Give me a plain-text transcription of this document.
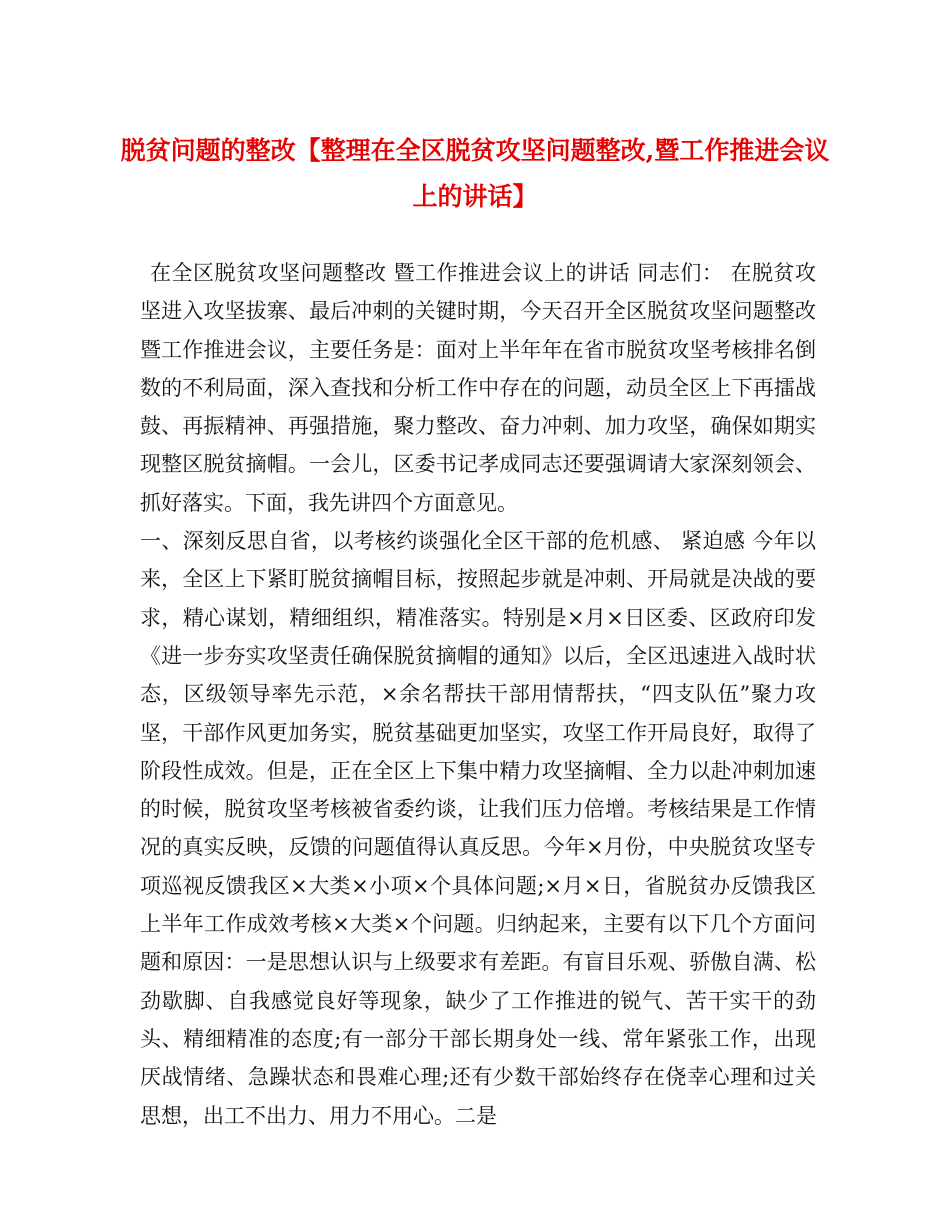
脱贫问题的整改【整理在全区脱贫攻坚问题整改,暨工作推进会议上的讲话】

在全区脱贫攻坚问题整改 暨工作推进会议上的讲话 同志们： 在脱贫攻坚进入攻坚拔寨、最后冲刺的关键时期，今天召开全区脱贫攻坚问题整改暨工作推进会议，主要任务是：面对上半年年在省市脱贫攻坚考核排名倒数的不利局面，深入查找和分析工作中存在的问题，动员全区上下再擂战鼓、再振精神、再强措施，聚力整改、奋力冲刺、加力攻坚，确保如期实现整区脱贫摘帽。一会儿，区委书记孝成同志还要强调请大家深刻领会、抓好落实。下面，我先讲四个方面意见。

一、深刻反思自省，以考核约谈强化全区干部的危机感、 紧迫感 今年以来，全区上下紧盯脱贫摘帽目标，按照起步就是冲刺、开局就是决战的要求，精心谋划，精细组织，精准落实。特别是×月×日区委、区政府印发《进一步夯实攻坚责任确保脱贫摘帽的通知》以后，全区迅速进入战时状态，区级领导率先示范，×余名帮扶干部用情帮扶，“四支队伍”聚力攻坚，干部作风更加务实，脱贫基础更加坚实，攻坚工作开局良好，取得了阶段性成效。但是，正在全区上下集中精力攻坚摘帽、全力以赴冲刺加速的时候，脱贫攻坚考核被省委约谈，让我们压力倍增。考核结果是工作情况的真实反映，反馈的问题值得认真反思。今年×月份，中央脱贫攻坚专项巡视反馈我区×大类×小项×个具体问题;×月×日，省脱贫办反馈我区上半年工作成效考核×大类×个问题。归纳起来，主要有以下几个方面问题和原因：一是思想认识与上级要求有差距。有盲目乐观、骄傲自满、松劲歇脚、自我感觉良好等现象，缺少了工作推进的锐气、苦干实干的劲头、精细精准的态度;有一部分干部长期身处一线、常年紧张工作，出现厌战情绪、急躁状态和畏难心理;还有少数干部始终存在侥幸心理和过关思想，出工不出力、用力不用心。二是
